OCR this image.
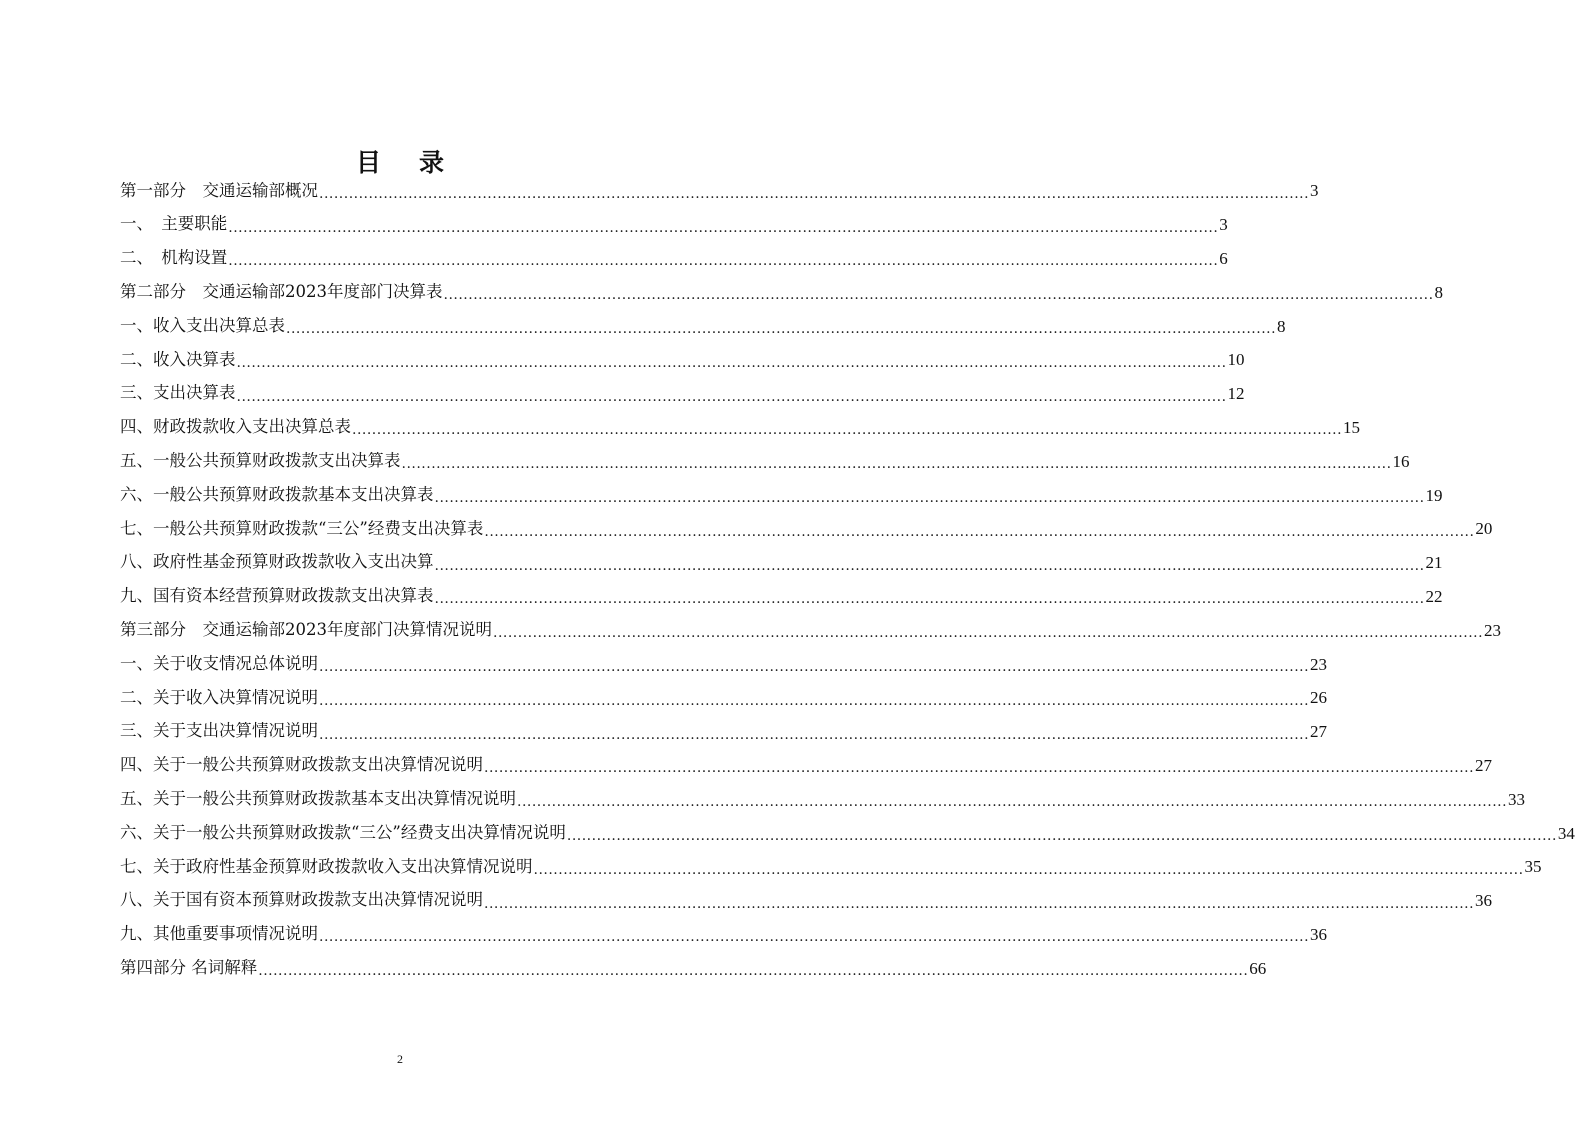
目录
第一部分　交通运输部概况 ........................................................................................................................................................................................................ 3
一、　主要职能 ........................................................................................................................................................................................................ 3
二、　机构设置 ........................................................................................................................................................................................................ 6
第二部分　交通运输部2023年度部门决算表 ........................................................................................................................................................................................................ 8
一、收入支出决算总表 ........................................................................................................................................................................................................ 8
二、收入决算表 ........................................................................................................................................................................................................ 10
三、支出决算表 ........................................................................................................................................................................................................ 12
四、财政拨款收入支出决算总表 ........................................................................................................................................................................................................ 15
五、一般公共预算财政拨款支出决算表 ........................................................................................................................................................................................................ 16
六、一般公共预算财政拨款基本支出决算表 ........................................................................................................................................................................................................ 19
七、一般公共预算财政拨款“三公”经费支出决算表 ........................................................................................................................................................................................................ 20
八、政府性基金预算财政拨款收入支出决算 ........................................................................................................................................................................................................ 21
九、国有资本经营预算财政拨款支出决算表 ........................................................................................................................................................................................................ 22
第三部分　交通运输部2023年度部门决算情况说明 ........................................................................................................................................................................................................ 23
一、关于收支情况总体说明 ........................................................................................................................................................................................................ 23
二、关于收入决算情况说明 ........................................................................................................................................................................................................ 26
三、关于支出决算情况说明 ........................................................................................................................................................................................................ 27
四、关于一般公共预算财政拨款支出决算情况说明 ........................................................................................................................................................................................................ 27
五、关于一般公共预算财政拨款基本支出决算情况说明 ........................................................................................................................................................................................................ 33
六、关于一般公共预算财政拨款“三公”经费支出决算情况说明 ........................................................................................................................................................................................................ 34
七、关于政府性基金预算财政拨款收入支出决算情况说明 ........................................................................................................................................................................................................ 35
八、关于国有资本预算财政拨款支出决算情况说明 ........................................................................................................................................................................................................ 36
九、其他重要事项情况说明 ........................................................................................................................................................................................................ 36
第四部分 名词解释 ........................................................................................................................................................................................................ 66
2
